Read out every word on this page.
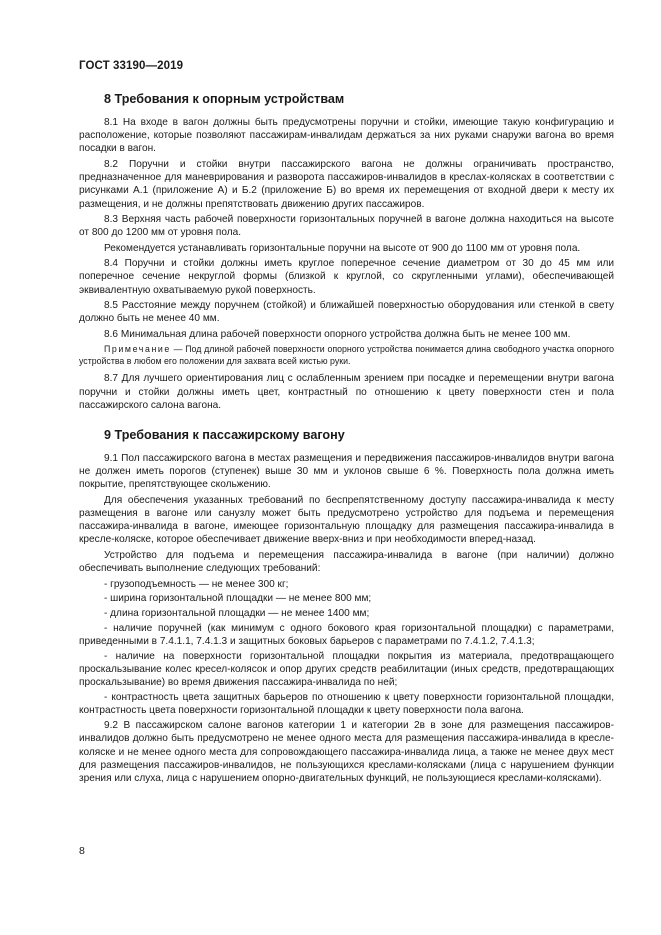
ГОСТ 33190—2019
8 Требования к опорным устройствам

8.1 На входе в вагон должны быть предусмотрены поручни и стойки, имеющие такую конфигурацию и расположение, которые позволяют пассажирам-инвалидам держаться за них руками снаружи вагона во время посадки в вагон.

8.2 Поручни и стойки внутри пассажирского вагона не должны ограничивать пространство, предназначенное для маневрирования и разворота пассажиров-инвалидов в креслах-колясках в соответствии с рисунками А.1 (приложение А) и Б.2 (приложение Б) во время их перемещения от входной двери к месту их размещения, и не должны препятствовать движению других пассажиров.

8.3 Верхняя часть рабочей поверхности горизонтальных поручней в вагоне должна находиться на высоте от 800 до 1200 мм от уровня пола.

Рекомендуется устанавливать горизонтальные поручни на высоте от 900 до 1100 мм от уровня пола.

8.4 Поручни и стойки должны иметь круглое поперечное сечение диаметром от 30 до 45 мм или поперечное сечение некруглой формы (близкой к круглой, со скругленными углами), обеспечивающей эквивалентную охватываемую рукой поверхность.

8.5 Расстояние между поручнем (стойкой) и ближайшей поверхностью оборудования или стенкой в свету должно быть не менее 40 мм.

8.6 Минимальная длина рабочей поверхности опорного устройства должна быть не менее 100 мм.

Примечание — Под длиной рабочей поверхности опорного устройства понимается длина свободного участка опорного устройства в любом его положении для захвата всей кистью руки.

8.7 Для лучшего ориентирования лиц с ослабленным зрением при посадке и перемещении внутри вагона поручни и стойки должны иметь цвет, контрастный по отношению к цвету поверхности стен и пола пассажирского салона вагона.

9 Требования к пассажирскому вагону

9.1 Пол пассажирского вагона в местах размещения и передвижения пассажиров-инвалидов внутри вагона не должен иметь порогов (ступенек) выше 30 мм и уклонов свыше 6 %. Поверхность пола должна иметь покрытие, препятствующее скольжению.

Для обеспечения указанных требований по беспрепятственному доступу пассажира-инвалида к месту размещения в вагоне или санузлу может быть предусмотрено устройство для подъема и перемещения пассажира-инвалида в вагоне, имеющее горизонтальную площадку для размещения пассажира-инвалида в кресле-коляске, которое обеспечивает движение вверх-вниз и при необходимости вперед-назад.

Устройство для подъема и перемещения пассажира-инвалида в вагоне (при наличии) должно обеспечивать выполнение следующих требований:

- грузоподъемность — не менее 300 кг;
- ширина горизонтальной площадки — не менее 800 мм;
- длина горизонтальной площадки — не менее 1400 мм;
- наличие поручней (как минимум с одного бокового края горизонтальной площадки) с параметрами, приведенными в 7.4.1.1, 7.4.1.3 и защитных боковых барьеров с параметрами по 7.4.1.2, 7.4.1.3;
- наличие на поверхности горизонтальной площадки покрытия из материала, предотвращающего проскальзывание колес кресел-колясок и опор других средств реабилитации (иных средств, предотвращающих проскальзывание) во время движения пассажира-инвалида по ней;
- контрастность цвета защитных барьеров по отношению к цвету поверхности горизонтальной площадки, контрастность цвета поверхности горизонтальной площадки к цвету поверхности пола вагона.

9.2 В пассажирском салоне вагонов категории 1 и категории 2в в зоне для размещения пассажиров-инвалидов должно быть предусмотрено не менее одного места для размещения пассажира-инвалида в кресле-коляске и не менее одного места для сопровождающего пассажира-инвалида лица, а также не менее двух мест для размещения пассажиров-инвалидов, не пользующихся креслами-колясками (лица с нарушением функции зрения или слуха, лица с нарушением опорно-двигательных функций, не пользующиеся креслами-колясками).

8
